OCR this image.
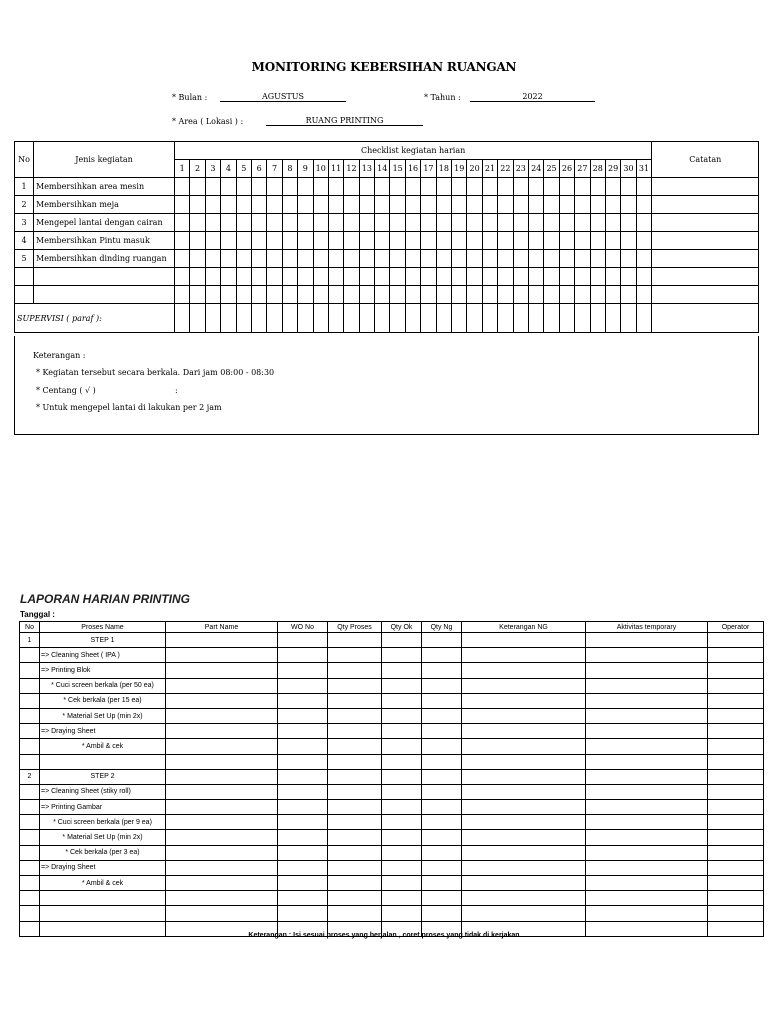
MONITORING KEBERSIHAN RUANGAN
* Bulan :	AGUSTUS	* Tahun :	2022
* Area ( Lokasi ) :	RUANG PRINTING
No	Jenis kegiatan	Checklist kegiatan harian																															Catatan
		1	2	3	4	5	6	7	8	9	10	11	12	13	14	15	16	17	18	19	20	21	22	23	24	25	26	27	28	29	30	31	
1	Membersihkan area mesin																																
2	Membersihkan meja																																
3	Mengepel lantai dengan cairan																																
4	Membersihkan Pintu masuk																																
5	Membersihkan dinding ruangan																																

SUPERVISI ( paraf ):																																	
Keterangan :
* Kegiatan tersebut secara berkala. Dari jam 08:00 - 08:30
* Centang ( √ )	:
* Untuk mengepel lantai di lakukan per 2 jam
LAPORAN HARIAN PRINTING
Tanggal :
No	Proses Name	Part Name	WO No	Qty Proses	Qty Ok	Qty Ng	Keterangan NG	Aktivitas temporary	Operator
1	STEP 1								
	=> Cleaning Sheet ( IPA )								
	=> Printing Blok								
	* Cuci screen berkala (per 50 ea)								
	* Cek berkala (per 15 ea)								
	* Material Set Up (min 2x)								
	=> Draying Sheet								
	* Ambil & cek								

2	STEP 2								
	=> Cleaning Sheet (stiky roll)								
	=> Printing Gambar								
	* Cuci screen berkala (per 9 ea)								
	* Material Set Up (min 2x)								
	* Cek berkala (per 3 ea)								
	=> Draying Sheet								
	* Ambil & cek								

Keterangan : Isi sesuai proses yang berjalan , coret proses yang tidak di kerjakan
